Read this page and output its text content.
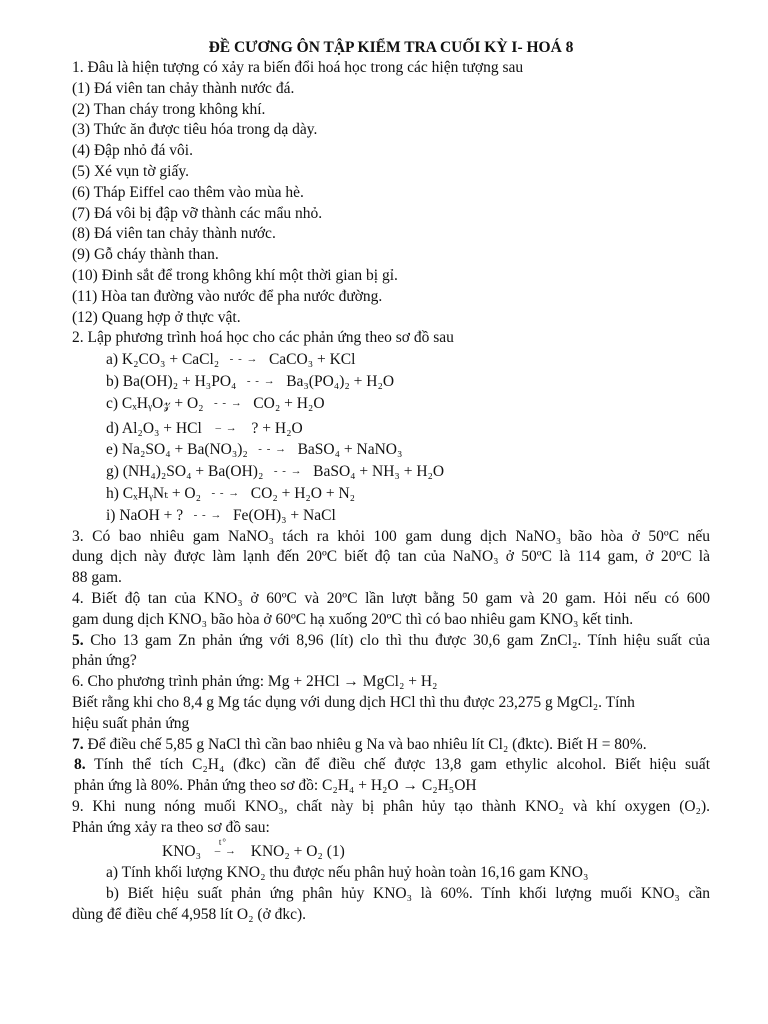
ĐỀ CƯƠNG ÔN TẬP KIỂM TRA CUỐI KỲ I- HOÁ 8
1. Đâu là hiện tượng có xảy ra biến đổi hoá học trong các hiện tượng sau
(1) Đá viên tan chảy thành nước đá.
(2) Than cháy trong không khí.
(3) Thức ăn được tiêu hóa trong dạ dày.
(4) Đập nhỏ đá vôi.
(5) Xé vụn tờ giấy.
(6) Tháp Eiffel cao thêm vào mùa hè.
(7) Đá vôi bị đập vỡ thành các mẩu nhỏ.
(8) Đá viên tan chảy thành nước.
(9) Gỗ cháy thành than.
(10) Đinh sắt để trong không khí một thời gian bị gỉ.
(11) Hòa tan đường vào nước để pha nước đường.
(12) Quang hợp ở thực vật.
2. Lập phương trình hoá học cho các phản ứng theo sơ đồ sau
a) K₂CO₃ + CaCl₂ - - → CaCO₃ + KCl
b) Ba(OH)₂ + H₃PO₄ - - → Ba₃(PO₄)₂ + H₂O
c) CₓHᵧO𝓏 + O₂ - - → CO₂ + H₂O
d) Al₂O₃ + HCl – → ? + H₂O
e) Na₂SO₄ + Ba(NO₃)₂ - - → BaSO₄ + NaNO₃
g) (NH₄)₂SO₄ + Ba(OH)₂ - - → BaSO₄ + NH₃ + H₂O
h) CₓHᵧNₜ + O₂ - - → CO₂ + H₂O + N₂
i) NaOH + ? - - → Fe(OH)₃ + NaCl
3. Có bao nhiêu gam NaNO₃ tách ra khỏi 100 gam dung dịch NaNO₃ bão hòa ở 50ºC nếu
dung dịch này được làm lạnh đến 20ºC biết độ tan của NaNO₃ ở 50ºC là 114 gam, ở 20ºC là
88 gam.
4. Biết độ tan của KNO₃ ở 60ºC và 20ºC lần lượt bằng 50 gam và 20 gam. Hỏi nếu có 600
gam dung dịch KNO₃ bão hòa ở 60ºC hạ xuống 20ºC thì có bao nhiêu gam KNO₃ kết tinh.
5. Cho 13 gam Zn phản ứng với 8,96 (lít) clo thì thu được 30,6 gam ZnCl₂. Tính hiệu suất của
phản ứng?
6. Cho phương trình phản ứng: Mg + 2HCl → MgCl₂ + H₂
Biết rằng khi cho 8,4 g Mg tác dụng với dung dịch HCl thì thu được 23,275 g MgCl₂. Tính
hiệu suất phản ứng
7. Để điều chế 5,85 g NaCl thì cần bao nhiêu g Na và bao nhiêu lít Cl₂ (đktc). Biết H = 80%.
8. Tính thể tích C₂H₄ (đkc) cần để điều chế được 13,8 gam ethylic alcohol. Biết hiệu suất
phản ứng là 80%. Phản ứng theo sơ đồ: C₂H₄ + H₂O → C₂H₅OH
9. Khi nung nóng muối KNO₃, chất này bị phân hủy tạo thành KNO₂ và khí oxygen (O₂).
Phản ứng xảy ra theo sơ đồ sau:
KNO₃
t°
– → KNO₂ + O₂ (1)
a) Tính khối lượng KNO₂ thu được nếu phân huỷ hoàn toàn 16,16 gam KNO₃
b) Biết hiệu suất phản ứng phân hủy KNO₃ là 60%. Tính khối lượng muối KNO₃ cần
dùng để điều chế 4,958 lít O₂ (ở đkc).
